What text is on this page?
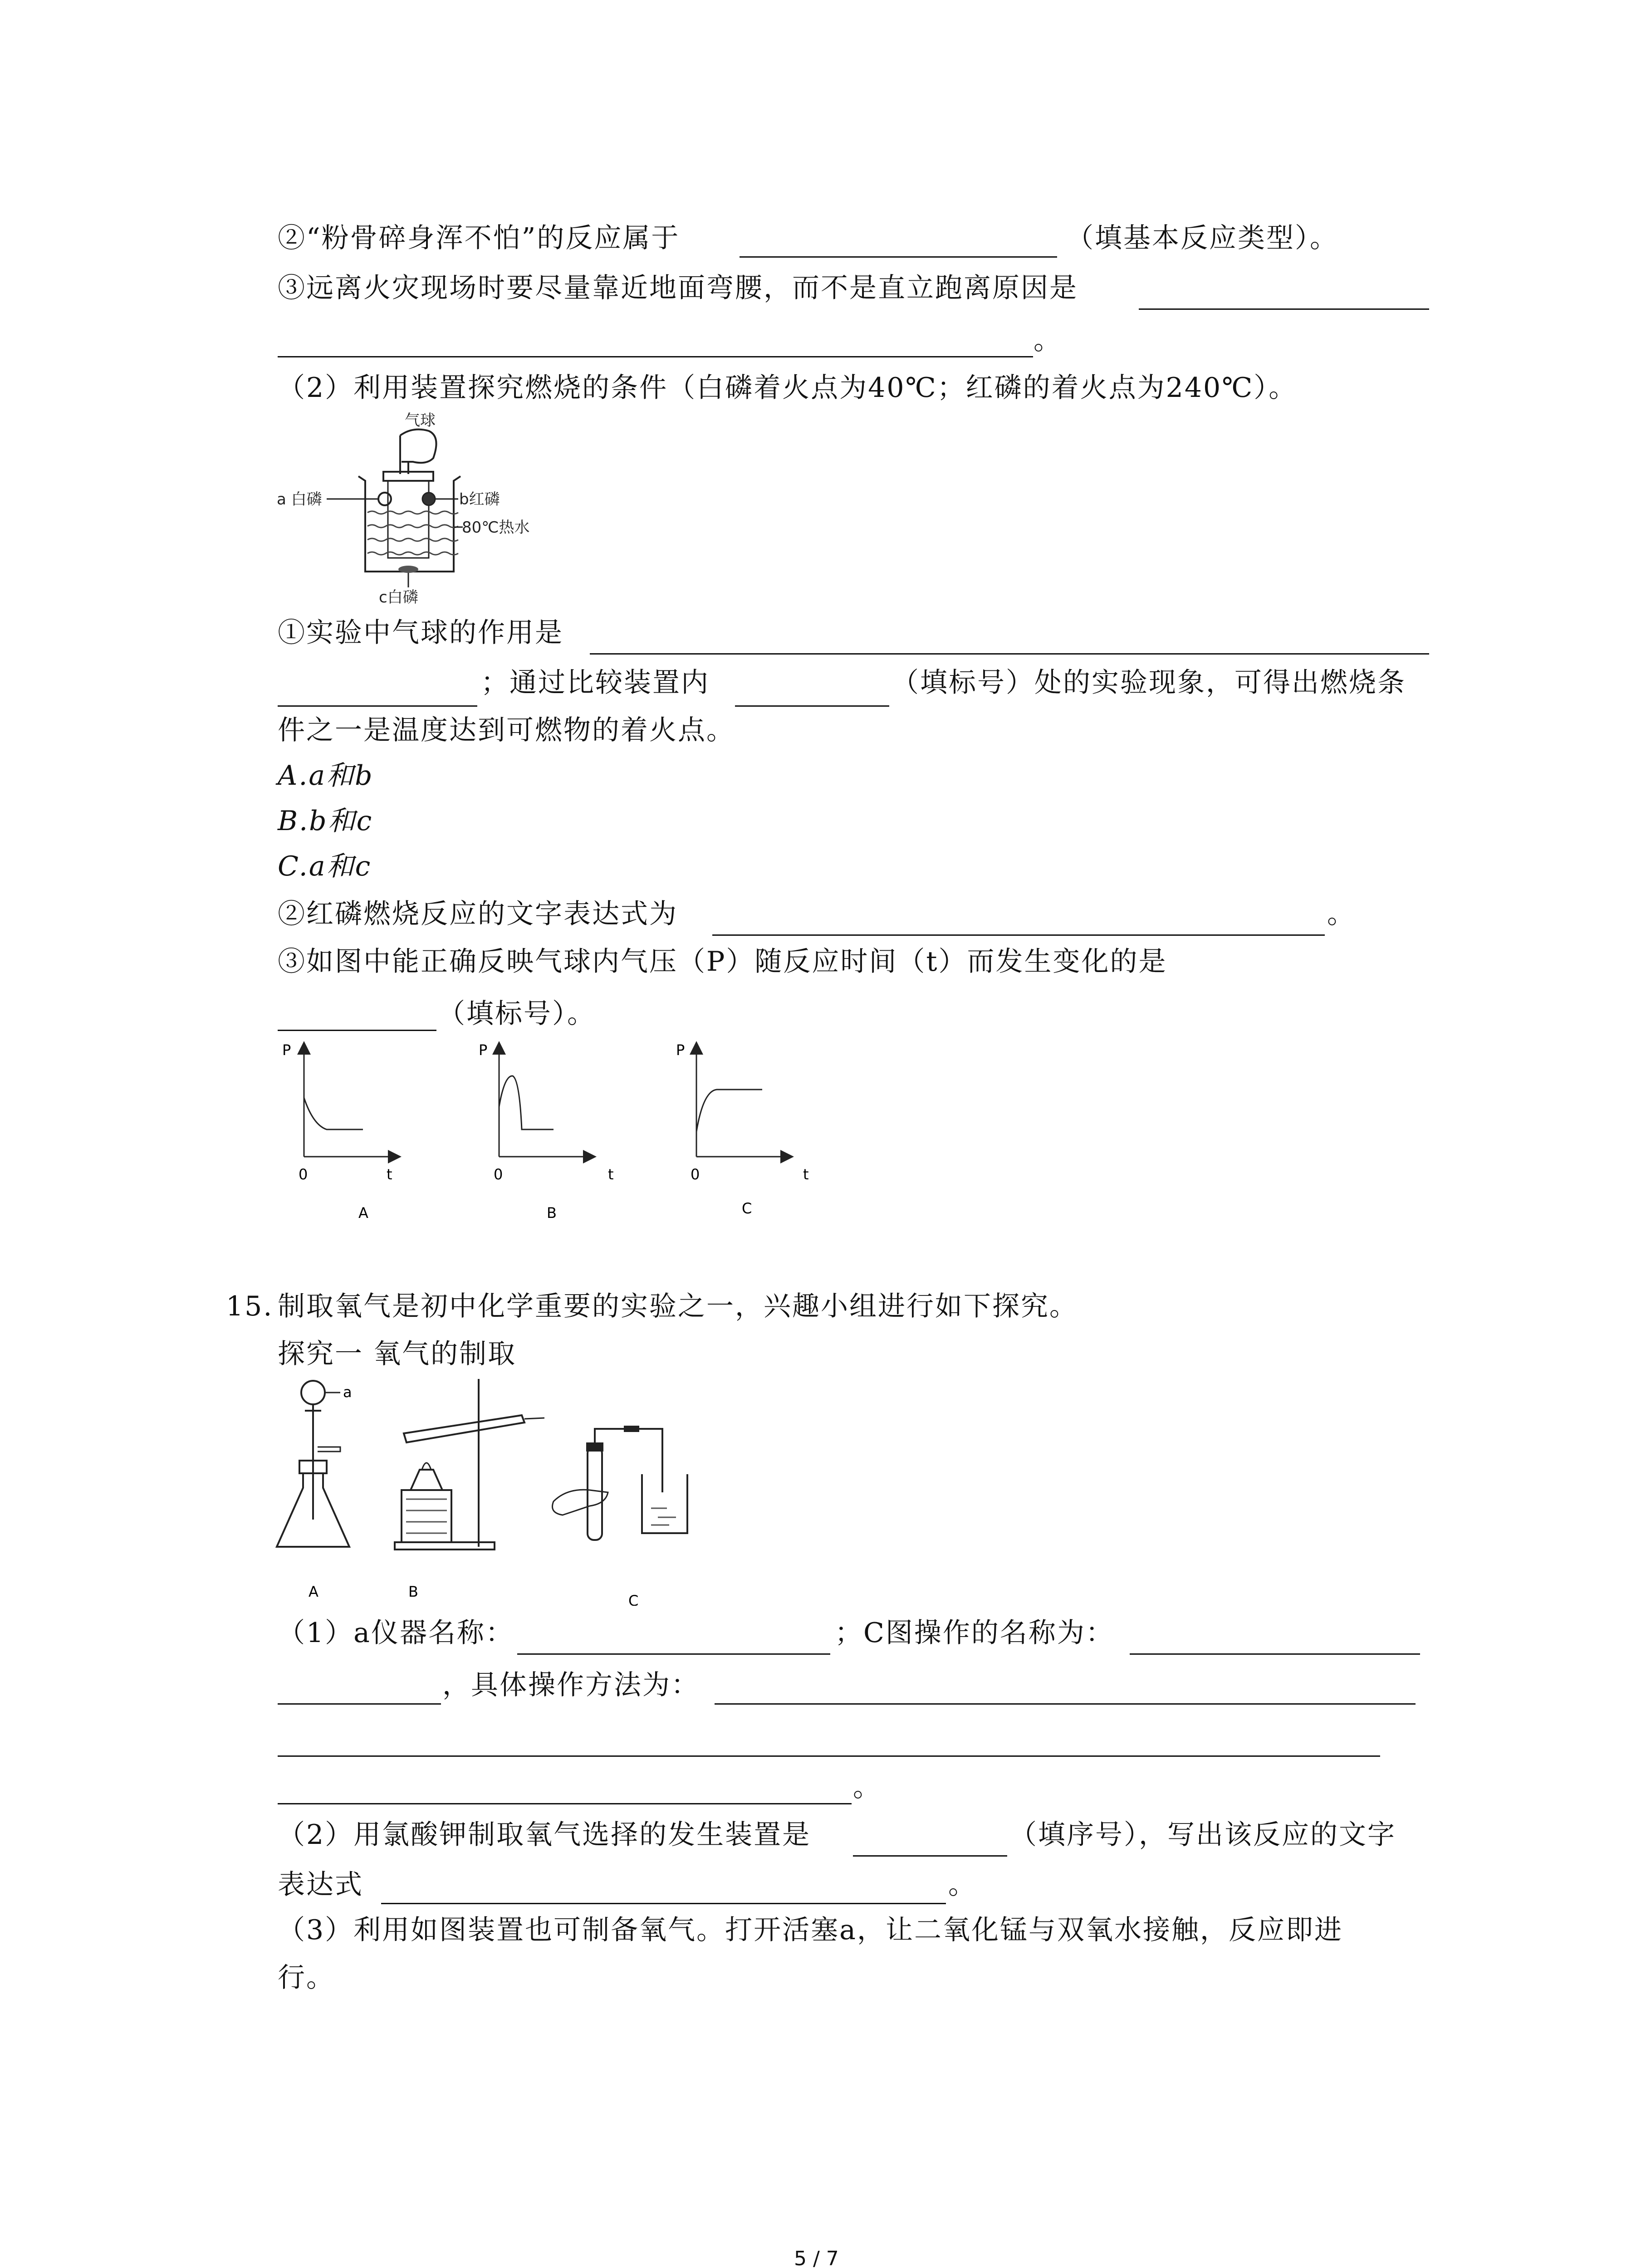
②“粉骨碎身浑不怕”的反应属于	（填基本反应类型）。
③远离火灾现场时要尽量靠近地面弯腰，而不是直立跑离原因是
。
（2）利用装置探究燃烧的条件（白磷着火点为40℃；红磷的着火点为240℃）。
气球
a 白磷	b红磷
80℃热水
c白磷
①实验中气球的作用是
；通过比较装置内	（填标号）处的实验现象，可得出燃烧条
件之一是温度达到可燃物的着火点。
A.a和b
B.b和c
C.a和c
②红磷燃烧反应的文字表达式为	。
③如图中能正确反映气球内气压（P）随反应时间（t）而发生变化的是
（填标号）。
P
0	t
A
P
0	t
B
P
0	t
C
15. 制取氧气是初中化学重要的实验之一，兴趣小组进行如下探究。
探究一 氧气的制取
a
A	B
C
（1）a仪器名称：	；C图操作的名称为：
，具体操作方法为：
。
（2）用氯酸钾制取氧气选择的发生装置是	（填序号），写出该反应的文字
表达式	。
（3）利用如图装置也可制备氧气。打开活塞a，让二氧化锰与双氧水接触，反应即进
行。
5 / 7
